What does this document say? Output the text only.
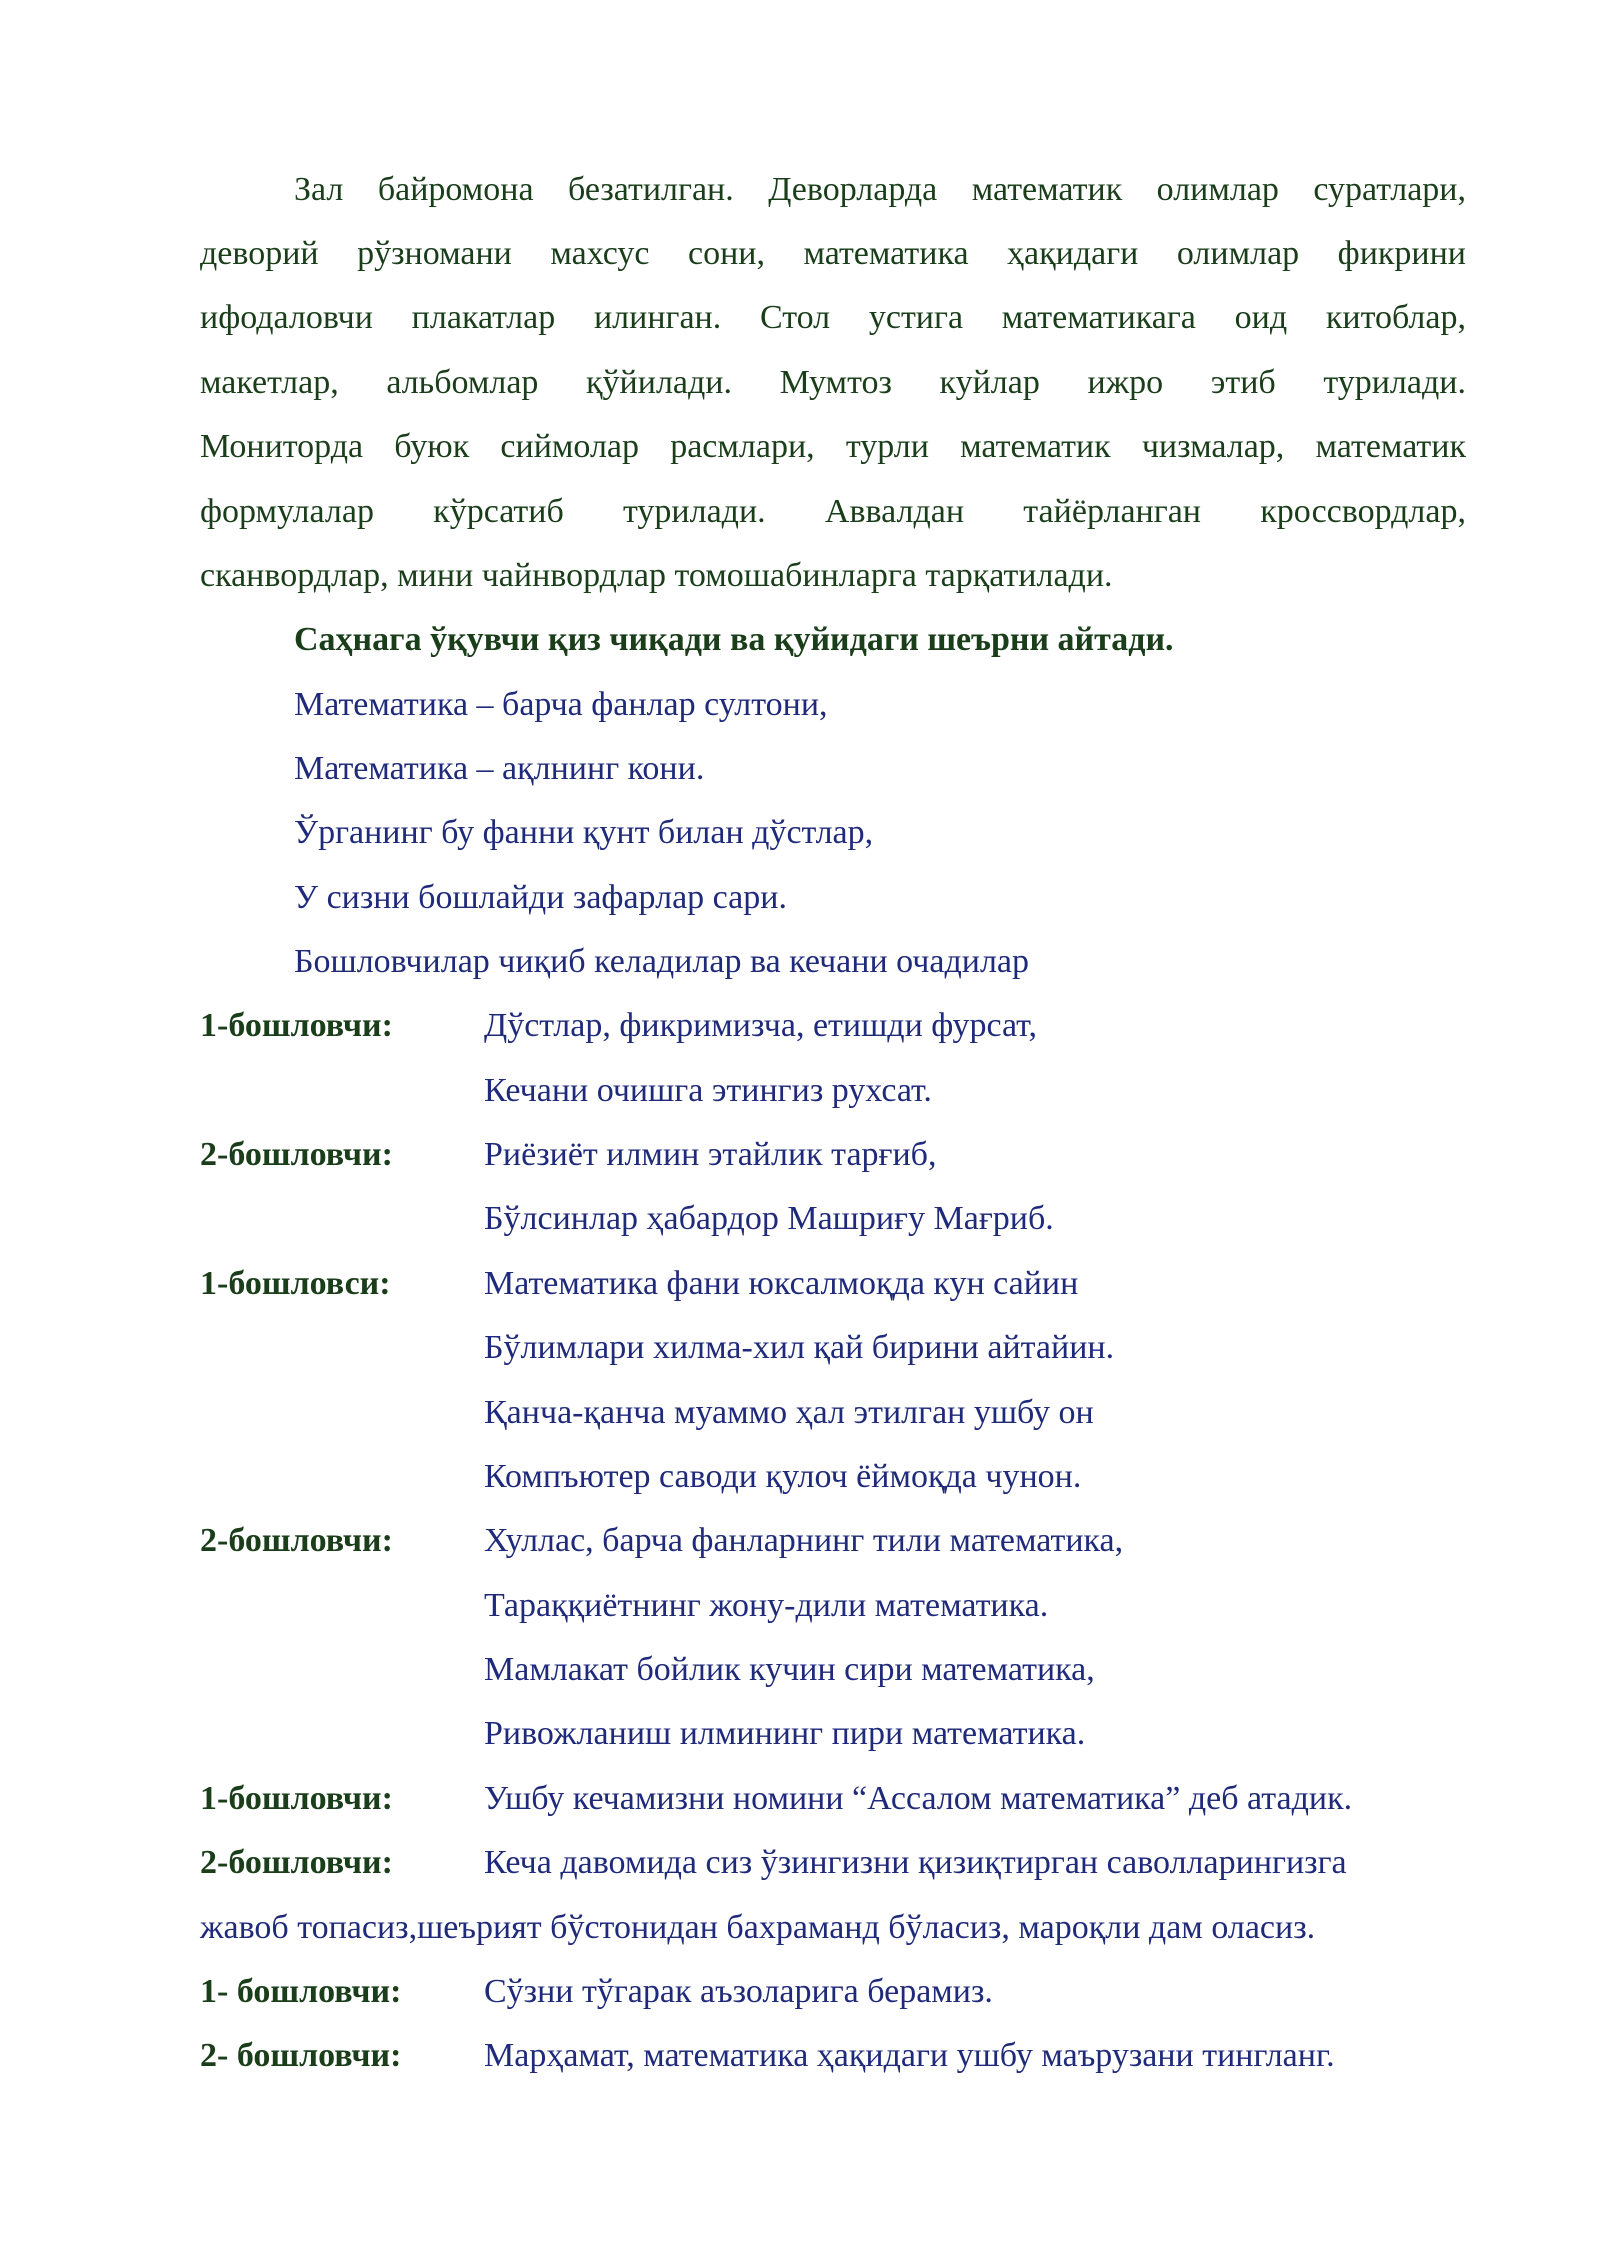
Зал байромона безатилган. Деворларда математик олимлар суратлари,
деворий рўзномани махсус сони, математика ҳақидаги олимлар фикрини
ифодаловчи плакатлар илинган. Стол устига математикага оид китоблар,
макетлар, альбомлар қўйилади. Мумтоз куйлар ижро этиб турилади.
Мониторда буюк сиймолар расмлари, турли математик чизмалар, математик
формулалар кўрсатиб турилади. Аввалдан тайёрланган кроссвордлар,
сканвордлар, мини чайнвордлар томошабинларга тарқатилади.
Саҳнага ўқувчи қиз чиқади ва қуйидаги шеърни айтади.
Математика – барча фанлар султони,
Математика – ақлнинг кони.
Ўрганинг бу фанни қунт билан дўстлар,
У сизни бошлайди зафарлар сари.
Бошловчилар чиқиб келадилар ва кечани очадилар
1-бошловчи:	Дўстлар, фикримизча, етишди фурсат,
Кечани очишга этингиз рухсат.
2-бошловчи:	Риёзиёт илмин этайлик тарғиб,
Бўлсинлар ҳабардор Машриғу Мағриб.
1-бошловси:	Математика фани юксалмоқда кун сайин
Бўлимлари хилма-хил қай бирини айтайин.
Қанча-қанча муаммо ҳал этилган ушбу он
Компъютер саводи қулоч ёймоқда чунон.
2-бошловчи:	Хуллас, барча фанларнинг тили математика,
Тараққиётнинг жону-дили математика.
Мамлакат бойлик кучин сири математика,
Ривожланиш илмининг пири математика.
1-бошловчи:	Ушбу кечамизни номини “Ассалом математика” деб атадик.
2-бошловчи:	Кеча давомида сиз ўзингизни қизиқтирган саволларингизга
жавоб топасиз,шеърият бўстонидан бахраманд бўласиз, мароқли дам оласиз.
1- бошловчи: Сўзни тўгарак аъзоларига берамиз.
2- бошловчи: Марҳамат, математика ҳақидаги ушбу маърузани тингланг.
